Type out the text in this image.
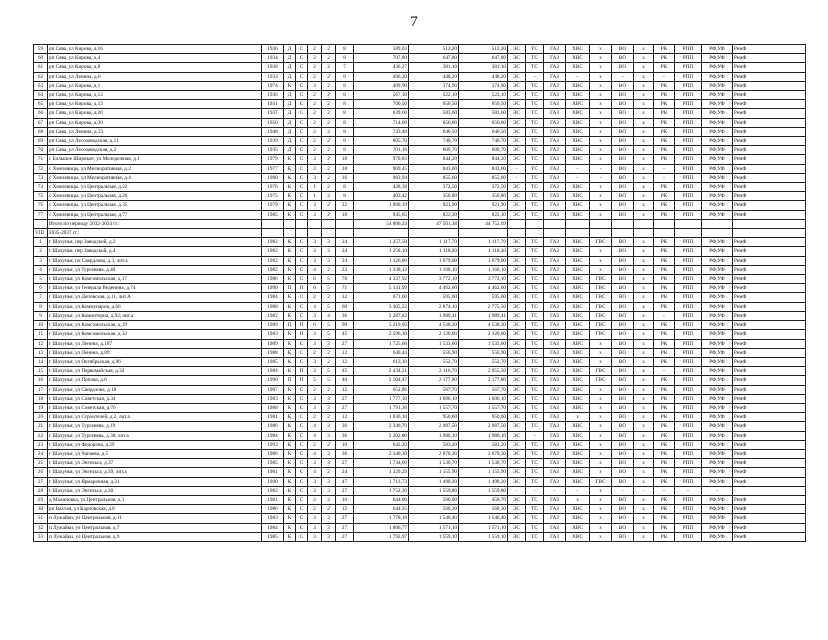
7
59	рп Сява, ул Кирова, д.16	1936	Д	С	2	2	8	589,03	512,20	512,20	ЭС	ТС	ГАЗ	ХВС	х	ВО	х	РК	РПП	РФ,УФ	РемФ
60	рп Сява, ул Кирова, д.4	1934	Д	С	2	2	8	707,80	647,80	647,80	ЭС	ТС	ГАЗ	ХВС	х	ВО	х	РК	РПП	РФ,УФ	РемФ
61	рп Сява, ул Кирова, д.8	1938	Д	С	2	2	7	436,27	381,10	381,10	ЭС	ТС	ГАЗ	ХВС	х	ВО	х	РК	РПП	РФ,УФ	РемФ
62	рп Сява, ул Ленина, д.6	1933	Д	С	2	2	8	496,20	448,20	448,20	ЭС	-	ГАЗ	-	х	-	х	-	РПП	РФ,УФ	РемФ
63	рп Сява, ул Кирова, д.1	1974	К	С	3	2	8	409,90	374,90	374,90	ЭС	ТС	ГАЗ	ХВС	х	ВО	х	РК	РПП	РФ,УФ	РемФ
64	рп Сява, ул Кирова, д.12	1936	Д	С	2	2	8	567,10	522,10	522,10	ЭС	ТС	ГАЗ	ХВС	х	ВО	х	РК	РПП	РФ,УФ	РемФ
65	рп Сява, ул Кирова, д.13	1931	Д	С	2	2	8	700,50	650,50	650,50	ЭС	ТС	ГАЗ	ХВС	х	ВО	х	РК	РПП	РФ,УФ	РемФ
66	рп Сява, ул Кирова, д.26	1937	Д	С	2	2	8	639,60	583,60	583,60	ЭС	ТС	ГАЗ	ХВС	х	ВО	х	РК	РПП	РФ,УФ	РемФ
67	рп Сява, ул Кирова, д.30	1950	Д	С	2	2	8	714,60	656,60	656,60	ЭС	ТС	ГАЗ	ХВС	х	ВО	х	РК	РПП	РФ,УФ	РемФ
68	рп Сява, ул Ленина, д.23	1948	Д	С	2	2	8	743,48	646,50	646,50	ЭС	ТС	ГАЗ	ХВС	х	ВО	х	РК	РПП	РФ,УФ	РемФ
69	рп Сява, ул Лесозаводская, д.11	1939	Д	С	2	2	8	805,70	740,70	740,70	ЭС	ТС	ГАЗ	ХВС	х	ВО	х	РК	РПП	РФ,УФ	РемФ
70	рп Сява, ул Лесозаводская, д.2	1935	Д	С	2	2	8	701,16	609,70	609,70	ЭС	ТС	ГАЗ	ХВС	х	ВО	х	РК	РПП	РФ,УФ	РемФ
71	с Большое Широкое, ул Молодежная, д.1	1979	К	С	3	2	18	970,83	844,20	844,20	ЭС	ТС	ГАЗ	ХВС	х	ВО	х	РК	РПП	РФ,УФ	РемФ
72	с Хмелевицы, ул Мелиоративная, д.2	1977	К	С	3	2	18	969,45	843,00	843,00	-	ТС	ГАЗ	-	-	ВО	х	-	РПП	РФ,УФ	РемФ
73	с Хмелевицы, ул Мелиоративная, д.4	1980	К	С	3	2	16	983,94	855,60	855,60	-	ТС	ГАЗ	-	-	ВО	х	-	РПП	РФ,УФ	РемФ
74	с Хмелевицы, ул Центральная, д.22	1976	К	С	1	2	8	428,38	372,50	372,50	ЭС	ТС	ГАЗ	ХВС	х	ВО	х	РК	РПП	РФ,УФ	РемФ
75	с Хмелевицы, ул Центральная, д.26	1975	К	С	1	2	8	403,42	350,80	350,80	ЭС	ТС	ГАЗ	ХВС	х	ВО	х	РК	РПП	РФ,УФ	РемФ
76	с Хмелевицы, ул Центральная, д.35	1979	К	С	3	2	22	1 060,19	921,90	921,90	ЭС	ТС	ГАЗ	ХВС	х	ВО	х	РК	РПП	РФ,УФ	РемФ
77	с Хмелевицы, ул Центральная, д.77	1985	К	С	3	2	18	945,65	822,30	822,30	ЭС	ТС	ГАЗ	ХВС	х	ВО	х	РК	РПП	РФ,УФ	РемФ
	Итого по периоду 2032-2034 гг.:							54 806,24	47 501,38	44 752,69											
VIII	2035-2037 гг.:																				
1	г Шахунья, пер Заводской, д.2	1982	К	С	3	3	24	1 257,50	1 117,70	1 117,70	ЭС	ТС	ГАЗ	ХВС	ГВС	ВО	х	РК	РПП	РФ,УФ	РемФ
2	г Шахунья, пер Заводской, д.4	1982	К	С	3	3	24	1 258,10	1 118,30	1 118,30	ЭС	ТС	ГАЗ	ХВС	х	ВО	х	РК	РПП	РФ,УФ	РемФ
3	г Шахунья, пл Свердлова, д.3, лит.а	1982	К	С	3	3	24	1 126,80	1 079,00	1 079,00	ЭС	ТС	ГАЗ	ХВС	х	ВО	х	РК	РПП	РФ,УФ	РемФ
4	г Шахунья, ул Тургенева, д.40	1982	К	С	4	2	23	1 338,12	1 160,10	1 160,10	ЭС	ТС	ГАЗ	ХВС	х	ВО	х	РК	РПП	РФ,УФ	РемФ
5	г Шахунья, ул Комсомольская, д.17	1986	К	С	6	5	78	4 337,92	3 772,10	3 772,10	ЭС	ТС	ГАЗ	ХВС	ГВС	ВО	х	РК	РПП	РФ,УФ	РемФ
6	г Шахунья, ул Генерала Веденина, д.74	1990	П	П	6	5	71	5 131,99	4 462,60	4 462,60	ЭС	ТС	ГАЗ	ХВС	ГВС	ВО	х	РК	РПП	РФ,УФ	РемФ
7	г Шахунья, ул Деповская, д.11, лит.А	1984	К	С	2	2	12	671,60	595,60	595,60	ЭС	ТС	ГАЗ	ХВС	ГВС	ВО	х	РК	РПП	РФ,УФ	РемФ
8	г Шахунья, ул Коммунаров, д.66	1988	К	С	4	5	60	3 305,22	2 874,10	2 775,50	ЭС	ТС	ГАЗ	ХВС	ГВС	ВО	х	РК	РПП	РФ,УФ	РемФ
9	г Шахунья, ул Коминтерна, д.92, лит.а	1982	К	С	3	4	36	2 287,82	1 989,41	1 989,41	ЭС	ТС	ГАЗ	ХВС	ГВС	ВО	х	-	РПП	РФ,УФ	РемФ
10	г Шахунья, ул Комсомольская, д.19	1989	П	П	6	5	90	5 219,05	4 538,30	4 538,30	ЭС	ТС	ГАЗ	ХВС	ГВС	ВО	х	РК	РПП	РФ,УФ	РемФ
11	г Шахунья, ул Комсомольская, д.33	1983	К	П	3	5	45	2 596,30	2 120,60	2 120,60	ЭС	ТС	ГАЗ	ХВС	ГВС	ВО	х	РК	РПП	РФ,УФ	РемФ
12	г Шахунья, ул Ленина, д.187	1989	К	С	3	3	27	1 725,60	1 533,60	1 533,60	ЭС	ТС	ГАЗ	ХВС	х	ВО	х	РК	РПП	РФ,УФ	РемФ
13	г Шахунья, ул Ленина, д.89	1988	К	С	2	2	12	640,44	556,90	556,90	ЭС	ТС	ГАЗ	ХВС	х	ВО	х	РК	РПП	РФ,УФ	РемФ
14	г Шахунья, ул Октябрьская, д.96	1985	К	С	3	2	12	613,10	552,70	552,70	ЭС	ТС	ГАЗ	ХВС	х	ВО	х	РК	РПП	РФ,УФ	РемФ
15	г Шахунья, ул Первомайская, д.32	1984	К	П	3	5	45	2 434,21	2 116,70	2 055,50	ЭС	ТС	ГАЗ	ХВС	ГВС	ВО	х	-	РПП	РФ,УФ	РемФ
16	г Шахунья, ул Попова, д.6	1990	П	П	5	5	40	2 504,47	2 177,80	2 177,80	ЭС	ТС	ГАЗ	ХВС	ГВС	ВО	х	РК	РПП	РФ,УФ	РемФ
17	г Шахунья, ул Свердлова, д.18	1987	К	С	2	2	12	652,86	567,70	567,70	ЭС	ТС	ГАЗ	ХВС	х	ВО	х	РК	РПП	РФ,УФ	РемФ
18	г Шахунья, ул Советская, д.34	1983	К	С	3	3	27	1 777,10	1 606,10	1 606,10	ЭС	ТС	ГАЗ	ХВС	х	ВО	х	РК	РПП	РФ,УФ	РемФ
19	г Шахунья, ул Советская, д.76	1988	К	С	3	3	27	1 791,36	1 557,70	1 557,70	ЭС	ТС	ГАЗ	ХВС	х	ВО	х	РК	РПП	РФ,УФ	РемФ
20	г Шахунья, ул Строителей, д.2, лит.а	1981	К	С	2	2	12	1 036,10	950,60	950,60	ЭС	ТС	ГАЗ	х	х	ВО	х	РК	РПП	РФ,УФ	РемФ
21	г Шахунья, ул Тургенева, д.19	1986	К	С	4	3	36	2 346,70	2 087,50	2 087,50	ЭС	ТС	ГАЗ	ХВС	х	ВО	х	РК	РПП	РФ,УФ	РемФ
22	г Шахунья, ул Тургенева, д.38, лит.а	1984	К	С	4	3	36	2 202,80	1 980,10	1 980,10	ЭС	-	ГАЗ	ХВС	х	ВО	х	РК	РПП	РФ,УФ	РемФ
23	г Шахунья, ул Федорова, д.29	1993	К	С	2	2	10	642,20	583,20	583,20	ЭС	ТС	ГАЗ	ХВС	х	ВО	х	РК	РПП	РФ,УФ	РемФ
24	г Шахунья, ул Чапаева, д.5	1986	К	С	4	3	36	2 340,30	2 070,30	2 070,30	ЭС	ТС	ГАЗ	ХВС	х	ВО	х	РК	РПП	РФ,УФ	РемФ
25	г Шахунья, ул Энгельса, д.37	1985	К	С	3	3	27	1 734,60	1 530,70	1 530,70	ЭС	ТС	ГАЗ	ХВС	х	ВО	х	РК	РПП	РФ,УФ	РемФ
26	г Шахунья, ул Энгельса, д.39, лит.а	1981	К	С	4	2	24	1 329,29	1 155,90	1 155,90	ЭС	ТС	ГАЗ	ХВС	х	ВО	х	РК	РПП	РФ,УФ	РемФ
27	г Шахунья, ул Ярмарочная, д.21	1990	К	С	3	3	47	1 713,73	1 490,20	1 490,20	ЭС	ТС	ГАЗ	ХВС	ГВС	ВО	х	РК	РПП	РФ,УФ	РемФ
28	г Шахунья, ул Энгельса, д.30	1982	К	С	3	3	27	1 752,30	1 559,80	1 559,80	-	-	-	-	х	-	-	-	-	-	-
29	д Малиновка, ул Центральная, д.1	1981	К	С	2	2	10	644,00	560,00	458,70	ЭС	ТС	ГАЗ	х	х	ВО	х	РК	РПП	РФ,УФ	РемФ
30	рп Вахтан, ул Карповская, д.8	1986	К	С	2	2	12	644,35	560,30	560,30	ЭС	ТС	ГАЗ	ХВС	х	ВО	х	РК	РПП	РФ,УФ	РемФ
31	п Лужайки, ул Центральная, д.11	1983	К	С	3	3	27	1 778,16	1 546,40	1 546,40	ЭС	ТС	ГАЗ	ХВС	х	ВО	х	РК	РПП	РФ,УФ	РемФ
32	п Лужайки, ул Центральная, д.7	1984	К	С	3	3	27	1 806,77	1 571,10	1 571,10	ЭС	ТС	ГАЗ	ХВС	х	ВО	х	РК	РПП	РФ,УФ	РемФ
33	п Лужайки, ул Центральная, д.9	1985	К	С	3	3	27	1 792,97	1 559,10	1 559,10	ЭС	ТС	ГАЗ	ХВС	х	ВО	х	РК	РПП	РФ,УФ	РемФ
